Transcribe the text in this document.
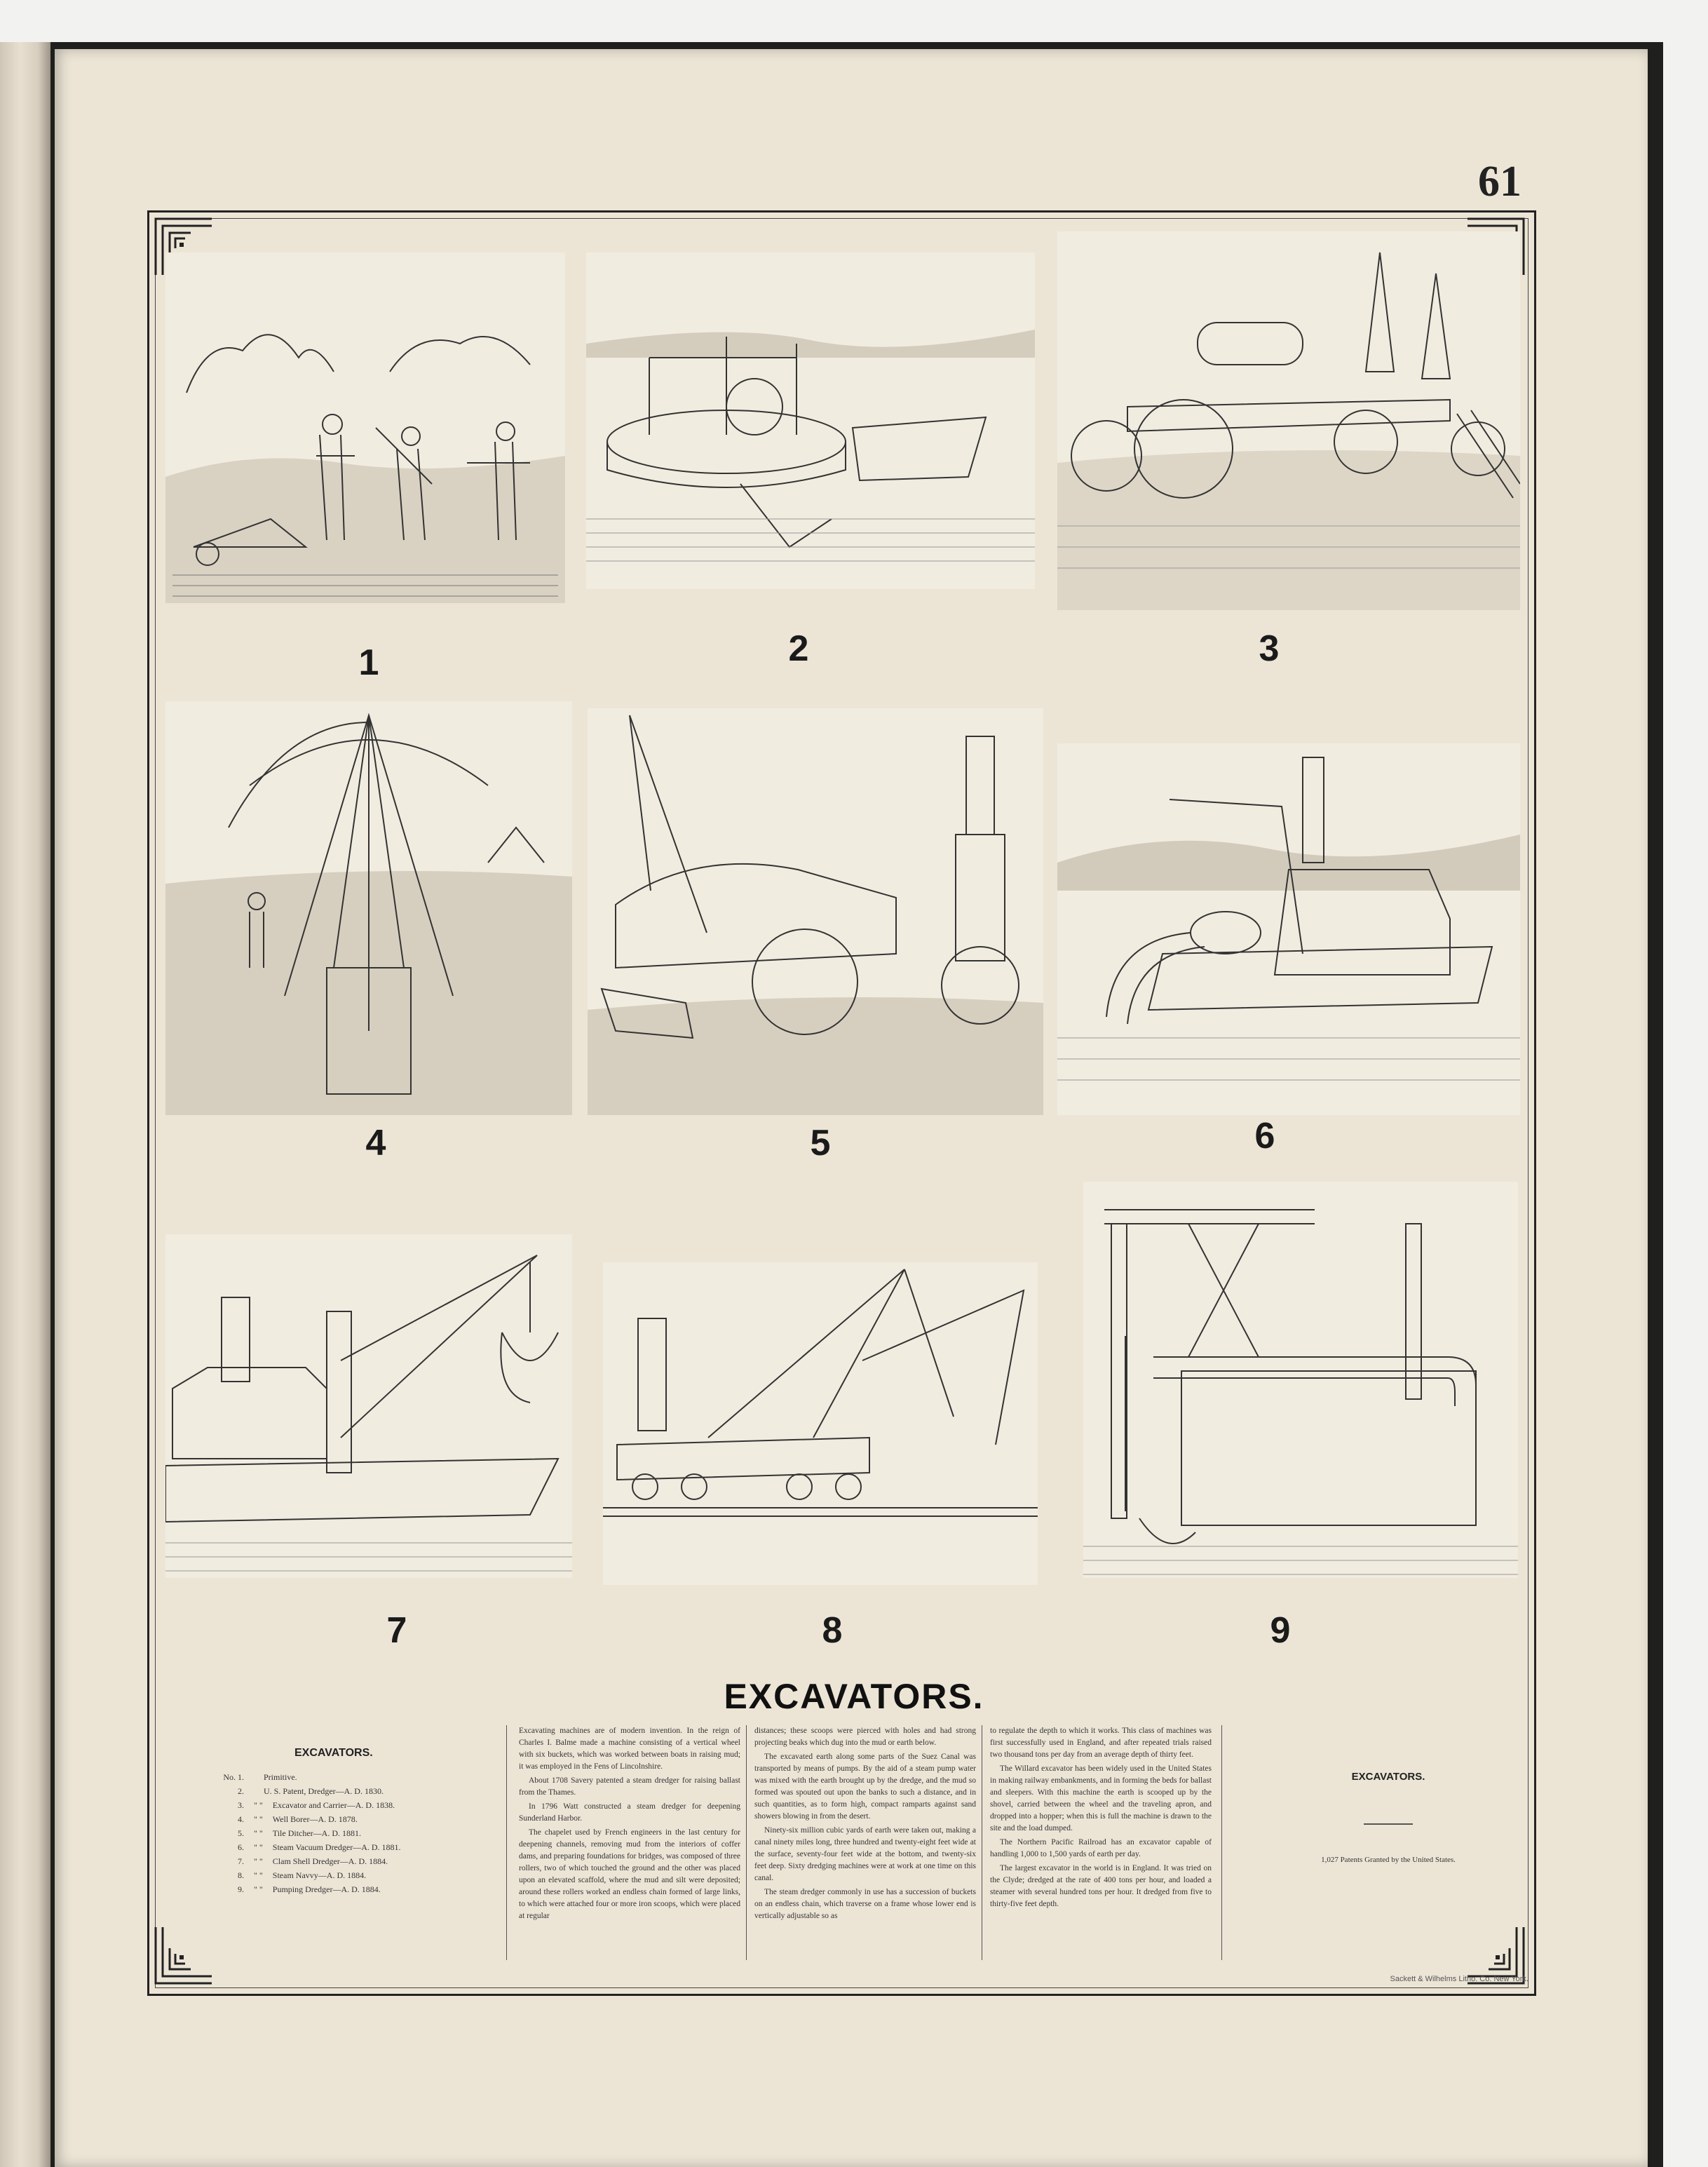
61
1	2	3
4	5	6
7	8	9
EXCAVATORS.
EXCAVATORS.
No. 1. Primitive.
2. U. S. Patent, Dredger—A. D. 1830.
3. " " Excavator and Carrier—A. D. 1838.
4. " " Well Borer—A. D. 1878.
5. " " Tile Ditcher—A. D. 1881.
6. " " Steam Vacuum Dredger—A. D. 1881.
7. " " Clam Shell Dredger—A. D. 1884.
8. " " Steam Navvy—A. D. 1884.
9. " " Pumping Dredger—A. D. 1884.

Excavating machines are of modern invention. In the reign of Charles I. Balme made a machine consisting of a vertical wheel with six buckets, which was worked between boats in raising mud; it was employed in the Fens of Lincolnshire.

About 1708 Savery patented a steam dredger for raising ballast from the Thames.

In 1796 Watt constructed a steam dredger for deepening Sunderland Harbor.

The chapelet used by French engineers in the last century for deepening channels, removing mud from the interiors of coffer dams, and preparing foundations for bridges, was composed of three rollers, two of which touched the ground and the other was placed upon an elevated scaffold, where the mud and silt were deposited; around these rollers worked an endless chain formed of large links, to which were attached four or more iron scoops, which were placed at regular

distances; these scoops were pierced with holes and had strong projecting beaks which dug into the mud or earth below.

The excavated earth along some parts of the Suez Canal was transported by means of pumps. By the aid of a steam pump water was mixed with the earth brought up by the dredge, and the mud so formed was spouted out upon the banks to such a distance, and in such quantities, as to form high, compact ramparts against sand showers blowing in from the desert.

Ninety-six million cubic yards of earth were taken out, making a canal ninety miles long, three hundred and twenty-eight feet wide at the surface, seventy-four feet wide at the bottom, and twenty-six feet deep. Sixty dredging machines were at work at one time on this canal.

The steam dredger commonly in use has a succession of buckets on an endless chain, which traverse on a frame whose lower end is vertically adjustable so as

to regulate the depth to which it works. This class of machines was first successfully used in England, and after repeated trials raised two thousand tons per day from an average depth of thirty feet.

The Willard excavator has been widely used in the United States in making railway embankments, and in forming the beds for ballast and sleepers. With this machine the earth is scooped up by the shovel, carried between the wheel and the traveling apron, and dropped into a hopper; when this is full the machine is drawn to the site and the load dumped.

The Northern Pacific Railroad has an excavator capable of handling 1,000 to 1,500 yards of earth per day.

The largest excavator in the world is in England. It was tried on the Clyde; dredged at the rate of 400 tons per hour, and loaded a steamer with several hundred tons per hour. It dredged from five to thirty-five feet depth.

EXCAVATORS.
1,027 Patents Granted by the United States.
Sackett & Wilhelms Litho. Co. New York.
